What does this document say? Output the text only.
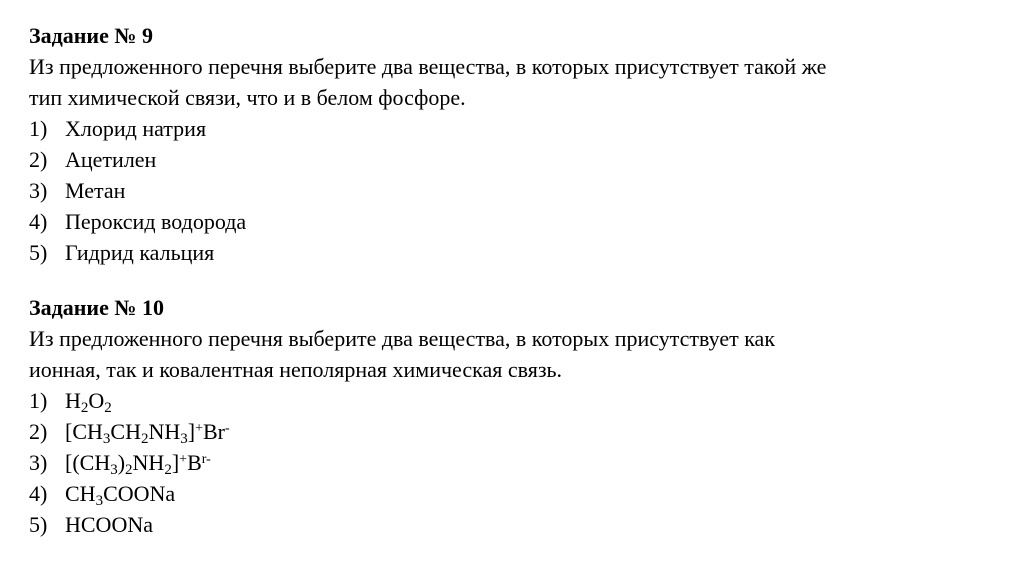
Задание № 9
Из предложенного перечня выберите два вещества, в которых присутствует такой же
тип химической связи, что и в белом фосфоре.
1) Хлорид натрия
2) Ацетилен
3) Метан
4) Пероксид водорода
5) Гидрид кальция
Задание № 10
Из предложенного перечня выберите два вещества, в которых присутствует как
ионная, так и ковалентная неполярная химическая связь.
1) $H_2O_2$
2) $[CH_3CH_2NH_3]^+Br^-$
3) $[(CH_3)_2NH_2]^+B^{r-}$
4) $CH_3COONa$
5) HCOONa
